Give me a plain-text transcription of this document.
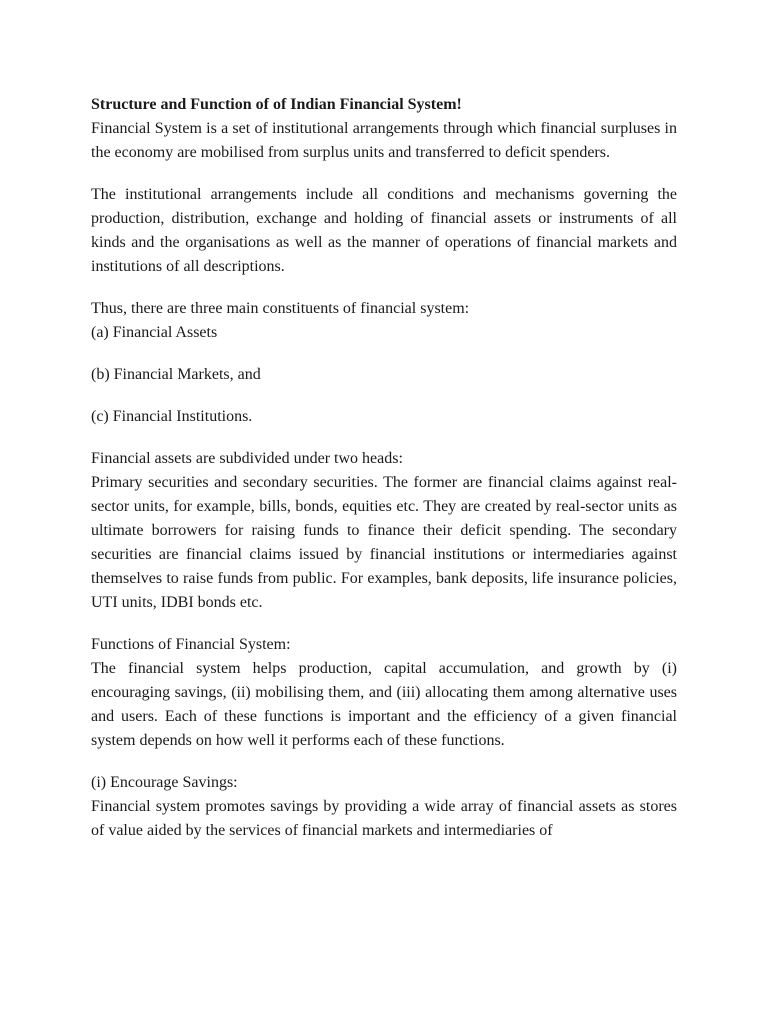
Structure and Function of of Indian Financial System!

Financial System is a set of institutional arrangements through which financial surpluses in the economy are mobilised from surplus units and transferred to deficit spenders.

The institutional arrangements include all conditions and mechanisms governing the production, distribution, exchange and holding of financial assets or instruments of all kinds and the organisations as well as the manner of operations of financial markets and institutions of all descriptions.

Thus, there are three main constituents of financial system:

(a) Financial Assets

(b) Financial Markets, and

(c) Financial Institutions.

Financial assets are subdivided under two heads:

Primary securities and secondary securities. The former are financial claims against real-sector units, for example, bills, bonds, equities etc. They are created by real-sector units as ultimate borrowers for raising funds to finance their deficit spending. The secondary securities are financial claims issued by financial institutions or intermediaries against themselves to raise funds from public. For examples, bank deposits, life insurance policies, UTI units, IDBI bonds etc.

Functions of Financial System:

The financial system helps production, capital accumulation, and growth by (i) encouraging savings, (ii) mobilising them, and (iii) allocating them among alternative uses and users. Each of these functions is important and the efficiency of a given financial system depends on how well it performs each of these functions.

(i) Encourage Savings:

Financial system promotes savings by providing a wide array of financial assets as stores of value aided by the services of financial markets and intermediaries of
